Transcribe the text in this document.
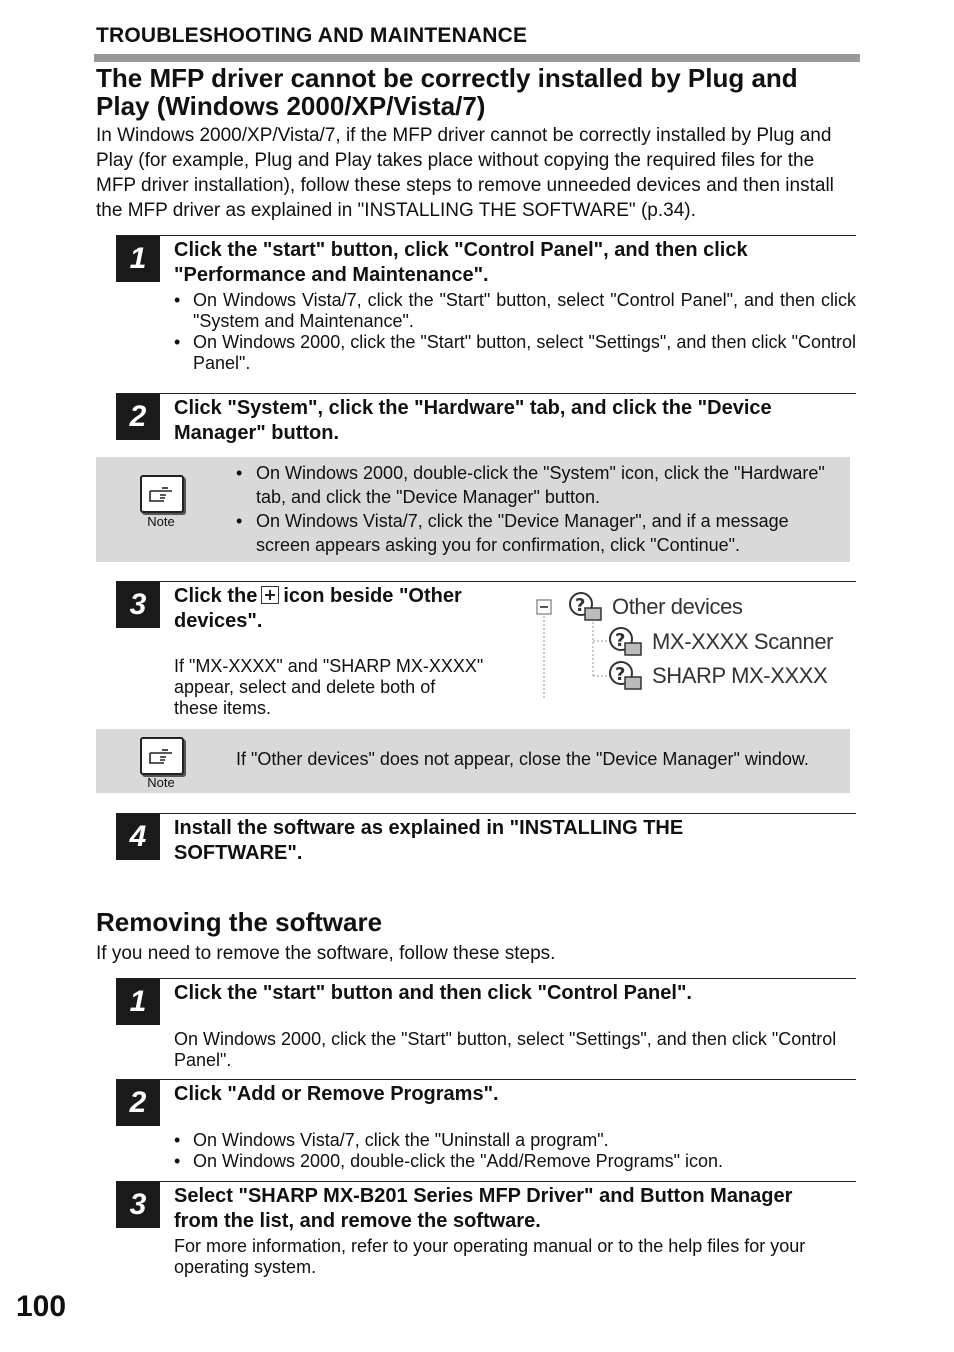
TROUBLESHOOTING AND MAINTENANCE
The MFP driver cannot be correctly installed by Plug and Play (Windows 2000/XP/Vista/7)
In Windows 2000/XP/Vista/7, if the MFP driver cannot be correctly installed by Plug and Play (for example, Plug and Play takes place without copying the required files for the MFP driver installation), follow these steps to remove unneeded devices and then install the MFP driver as explained in "INSTALLING THE SOFTWARE" (p.34).
1	Click the "start" button, click "Control Panel", and then click "Performance and Maintenance".
• On Windows Vista/7, click the "Start" button, select "Control Panel", and then click "System and Maintenance".
• On Windows 2000, click the "Start" button, select "Settings", and then click "Control Panel".
2	Click "System", click the "Hardware" tab, and click the "Device Manager" button.
Note
• On Windows 2000, double-click the "System" icon, click the "Hardware" tab, and click the "Device Manager" button.
• On Windows Vista/7, click the "Device Manager", and if a message screen appears asking you for confirmation, click "Continue".
3	Click the icon beside "Other devices".
If "MX-XXXX" and "SHARP MX-XXXX" appear, select and delete both of these items.
? Other devices
? MX-XXXX Scanner
? SHARP MX-XXXX
Note
If "Other devices" does not appear, close the "Device Manager" window.
4	Install the software as explained in "INSTALLING THE SOFTWARE".
Removing the software
If you need to remove the software, follow these steps.
1	Click the "start" button and then click "Control Panel".
On Windows 2000, click the "Start" button, select "Settings", and then click "Control Panel".
2	Click "Add or Remove Programs".
• On Windows Vista/7, click the "Uninstall a program".
• On Windows 2000, double-click the "Add/Remove Programs" icon.
3	Select "SHARP MX-B201 Series MFP Driver" and Button Manager from the list, and remove the software.
For more information, refer to your operating manual or to the help files for your operating system.
100
